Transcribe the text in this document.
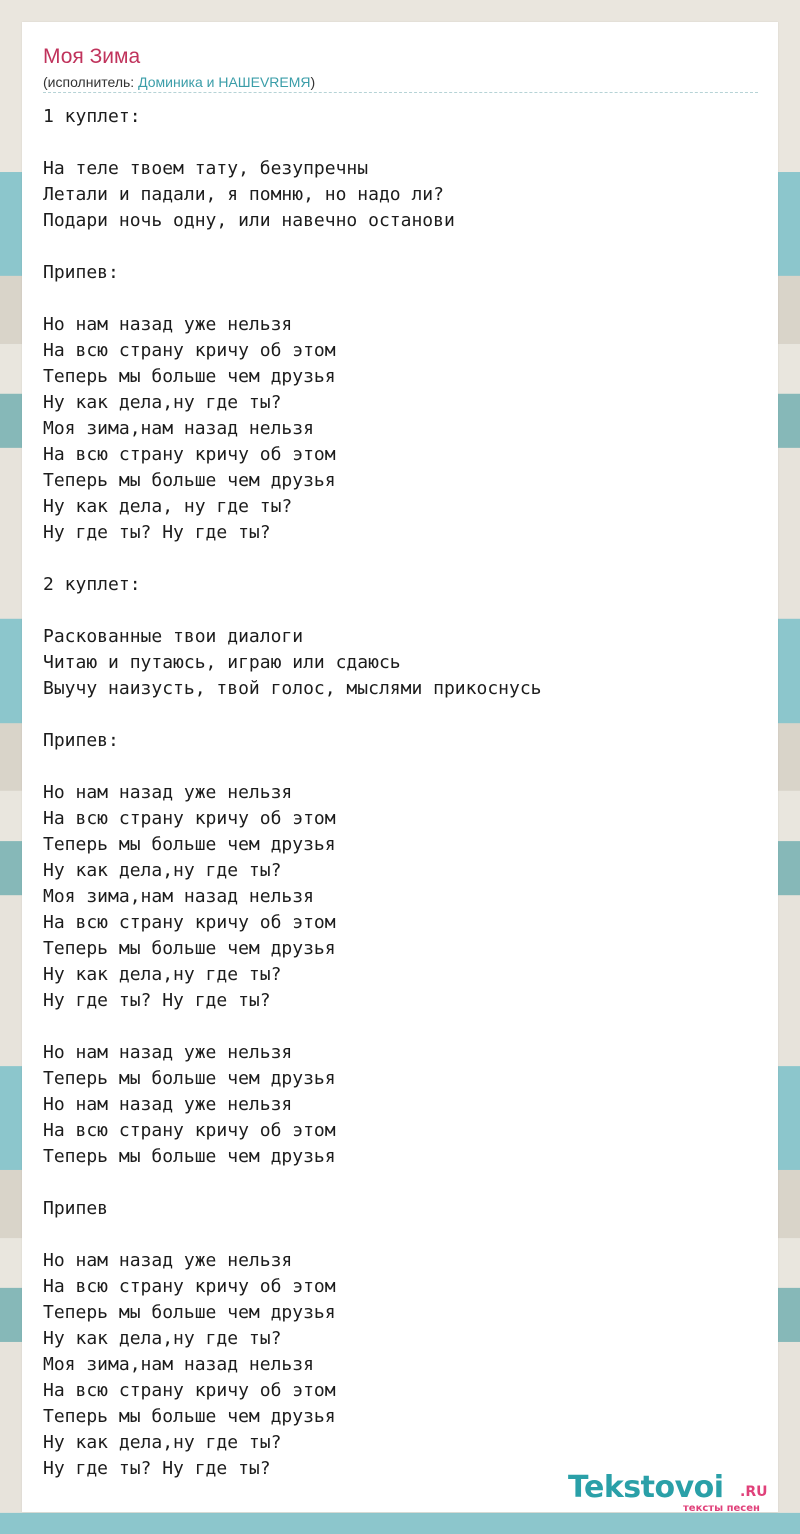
Моя Зима
(исполнитель: Доминика и НАШЕVREMЯ)
1 куплет:

На теле твоем тату, безупречны
Летали и падали, я помню, но надо ли?
Подари ночь одну, или навечно останови

Припев:

Но нам назад уже нельзя
На всю страну кричу об этом
Теперь мы больше чем друзья
Ну как дела,ну где ты?
Моя зима,нам назад нельзя
На всю страну кричу об этом
Теперь мы больше чем друзья
Ну как дела, ну где ты?
Ну где ты? Ну где ты?

2 куплет:

Раскованные твои диалоги
Читаю и путаюсь, играю или сдаюсь
Выучу наизусть, твой голос, мыслями прикоснусь

Припев:

Но нам назад уже нельзя
На всю страну кричу об этом
Теперь мы больше чем друзья
Ну как дела,ну где ты?
Моя зима,нам назад нельзя
На всю страну кричу об этом
Теперь мы больше чем друзья
Ну как дела,ну где ты?
Ну где ты? Ну где ты?

Но нам назад уже нельзя
Теперь мы больше чем друзья
Но нам назад уже нельзя
На всю страну кричу об этом
Теперь мы больше чем друзья

Припев

Но нам назад уже нельзя
На всю страну кричу об этом
Теперь мы больше чем друзья
Ну как дела,ну где ты?
Моя зима,нам назад нельзя
На всю страну кричу об этом
Теперь мы больше чем друзья
Ну как дела,ну где ты?
Ну где ты? Ну где ты?
Tekstovoi .RU
тексты песен
